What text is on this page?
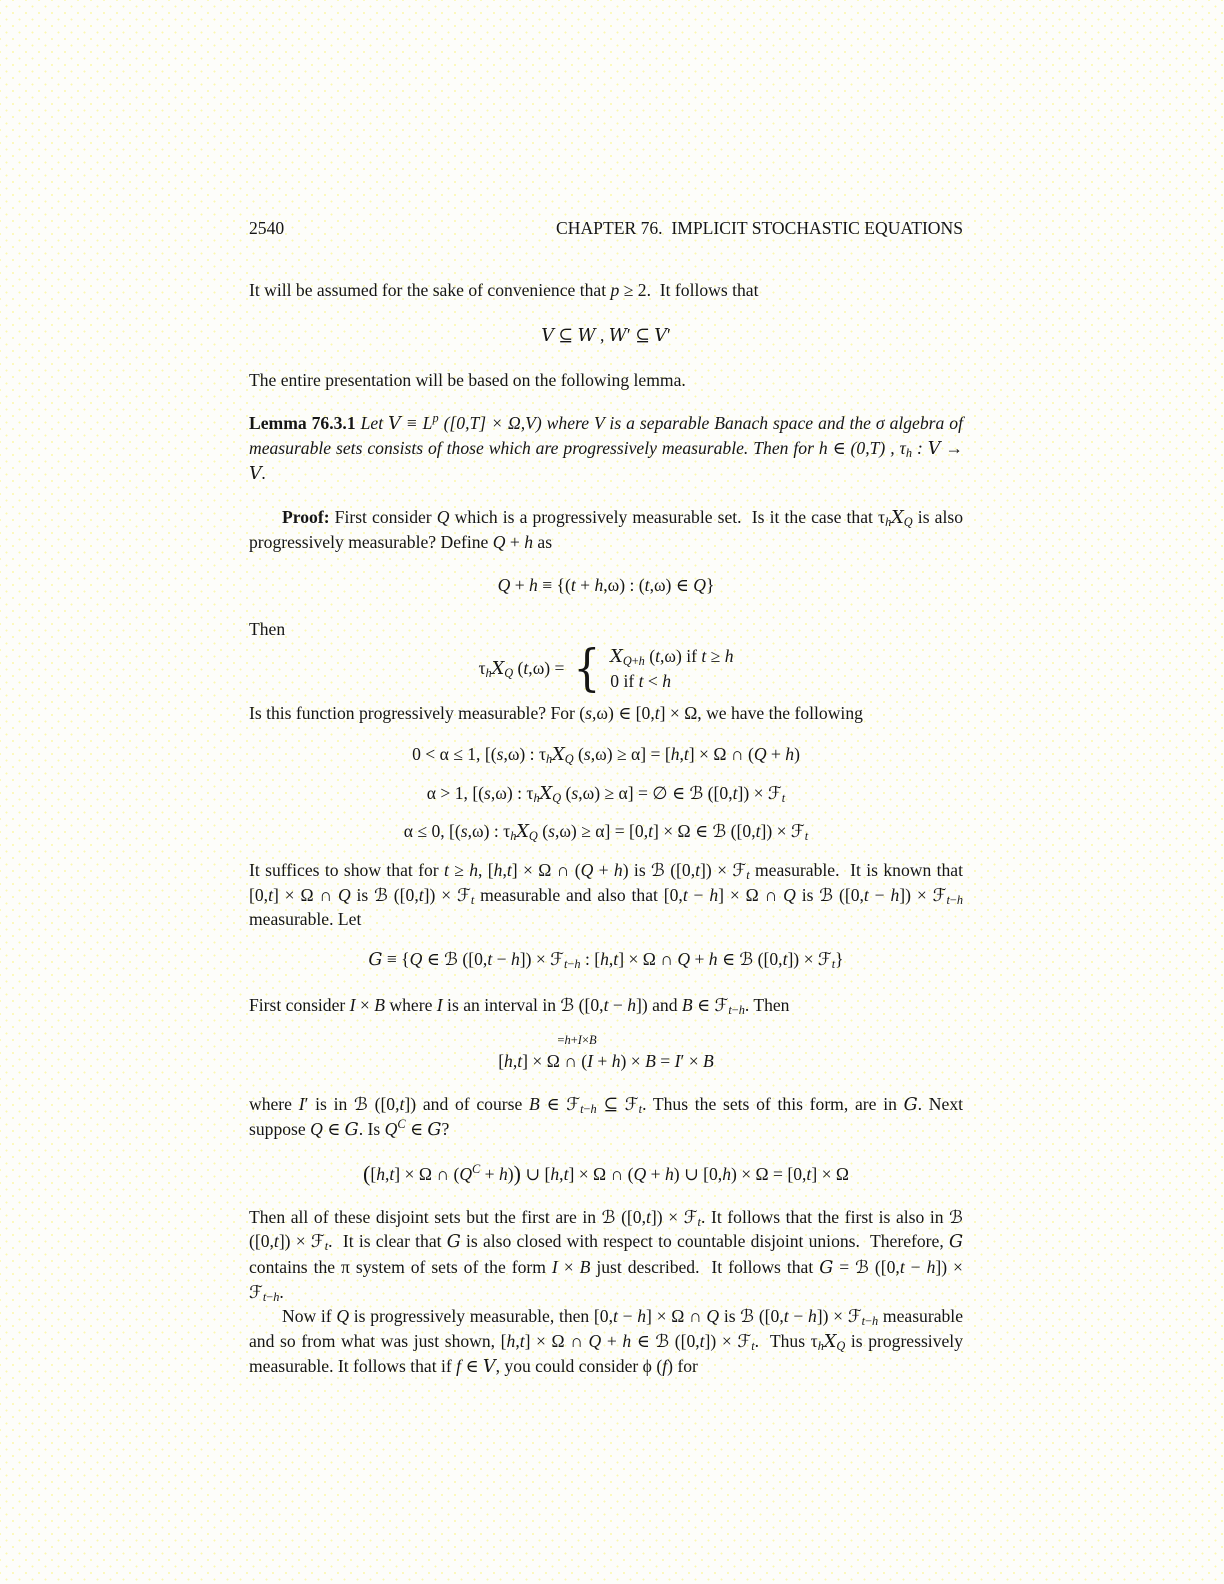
2540	CHAPTER 76.  IMPLICIT STOCHASTIC EQUATIONS

It will be assumed for the sake of convenience that p ≥ 2.  It follows that

V ⊆ W , W′ ⊆ V′

The entire presentation will be based on the following lemma.

Lemma 76.3.1 Let $V \equiv L^p$ ([0,T] × Ω,V) where V is a separable Banach space and the σ algebra of measurable sets consists of those which are progressively measurable. Then for h ∈ (0,T) , $\tau_h$ : V → V.

Proof: First consider Q which is a progressively measurable set.  Is it the case that $\tau_hX_Q$ is also progressively measurable? Define Q + h as

Q + h ≡ {(t + h,ω) : (t,ω) ∈ Q}

Then

$\tau_hX_Q$ (t,ω) = { $X_{Q+h}$ (t,ω) if t ≥ h
0 if t < h

Is this function progressively measurable? For (s,ω) ∈ [0,t] × Ω, we have the following

0 < α ≤ 1, [(s,ω) : $\tau_hX_Q$ (s,ω) ≥ α] = [h,t] × Ω ∩ (Q + h)

α > 1, [(s,ω) : $\tau_hX_Q$ (s,ω) ≥ α] = ∅ ∈ ℬ ([0,t]) × ℱ$_t$

α ≤ 0, [(s,ω) : $\tau_hX_Q$ (s,ω) ≥ α] = [0,t] × Ω ∈ ℬ ([0,t]) × ℱ$_t$

It suffices to show that for t ≥ h, [h,t] × Ω ∩ (Q + h) is ℬ ([0,t]) × ℱ$_t$ measurable.  It is known that [0,t] × Ω ∩ Q is ℬ ([0,t]) × ℱ$_t$ measurable and also that [0,t − h] × Ω ∩ Q is ℬ ([0,t − h]) × ℱ$_{t-h}$ measurable. Let

G ≡ {Q ∈ ℬ ([0,t − h]) × ℱ$_{t-h}$ : [h,t] × Ω ∩ Q + h ∈ ℬ ([0,t]) × ℱ$_t$}

First consider I × B where I is an interval in ℬ ([0,t − h]) and B ∈ ℱ$_{t-h}$. Then

=h+I×B
[h,t] × Ω ∩ (I + h) × B = I′ × B

where I′ is in ℬ ([0,t]) and of course B ∈ ℱ$_{t-h}$ ⊆ ℱ$_t$. Thus the sets of this form, are in G. Next suppose Q ∈ G. Is $Q^C$ ∈ G?

([h,t] × Ω ∩ $(Q^C + h)$) ∪ [h,t] × Ω ∩ (Q + h) ∪ [0,h) × Ω = [0,t] × Ω

Then all of these disjoint sets but the first are in ℬ ([0,t]) × ℱ$_t$. It follows that the first is also in ℬ ([0,t]) × ℱ$_t$.  It is clear that G is also closed with respect to countable disjoint unions.  Therefore, G contains the π system of sets of the form I × B just described.  It follows that G = ℬ ([0,t − h]) × ℱ$_{t-h}$.

Now if Q is progressively measurable, then [0,t − h] × Ω ∩ Q is ℬ ([0,t − h]) × ℱ$_{t-h}$ measurable and so from what was just shown, [h,t] × Ω ∩ Q + h ∈ ℬ ([0,t]) × ℱ$_t$.  Thus $\tau_hX_Q$ is progressively measurable. It follows that if f ∈ V, you could consider ϕ (f) for
